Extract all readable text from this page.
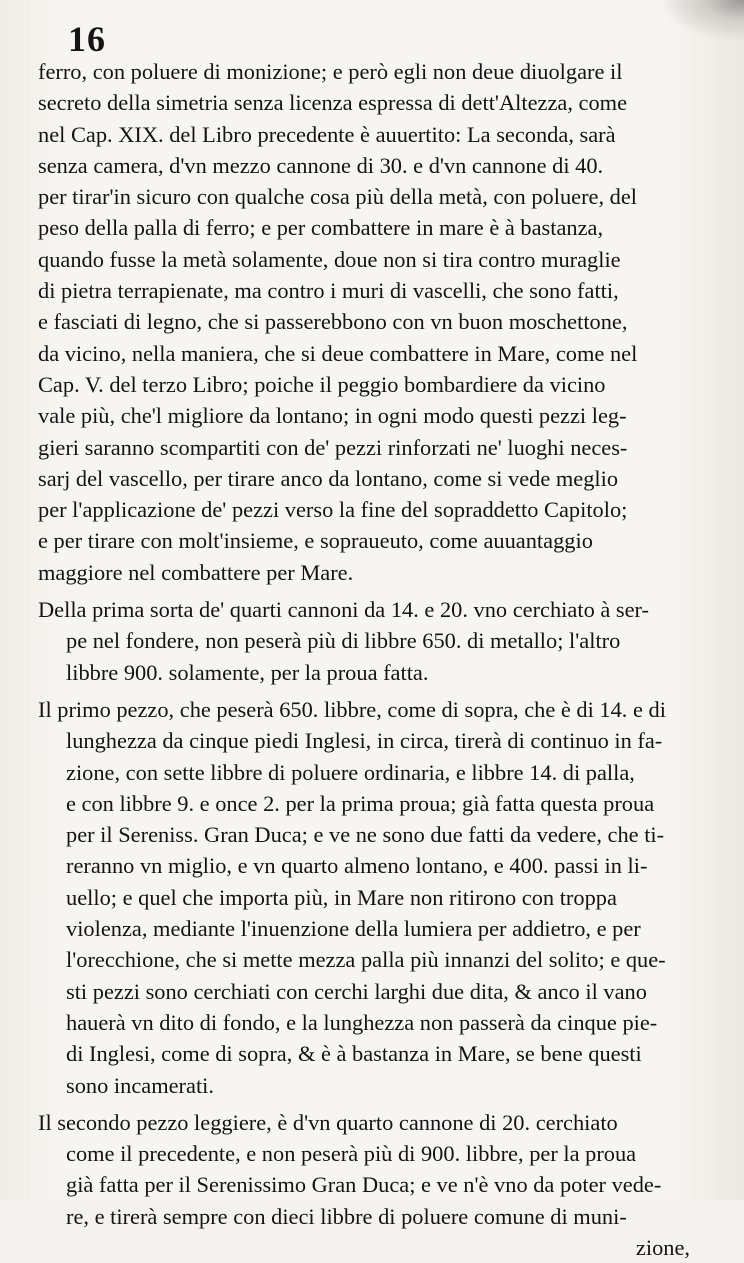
16
ferro, con poluere di monizione; e però egli non deue diuolgare il
secreto della simetria senza licenza espressa di dett'Altezza, come
nel Cap. XIX. del Libro precedente è auuertito: La seconda, sarà
senza camera, d'vn mezzo cannone di 30. e d'vn cannone di 40.
per tirar'in sicuro con qualche cosa più della metà, con poluere, del
peso della palla di ferro; e per combattere in mare è à bastanza,
quando fusse la metà solamente, doue non si tira contro muraglie
di pietra terrapienate, ma contro i muri di vascelli, che sono fatti,
e fasciati di legno, che si passerebbono con vn buon moschettone,
da vicino, nella maniera, che si deue combattere in Mare, come nel
Cap. V. del terzo Libro; poiche il peggio bombardiere da vicino
vale più, che'l migliore da lontano; in ogni modo questi pezzi leg-
gieri saranno scompartiti con de' pezzi rinforzati ne' luoghi neces-
sarj del vascello, per tirare anco da lontano, come si vede meglio
per l'applicazione de' pezzi verso la fine del sopraddetto Capitolo;
e per tirare con molt'insieme, e sopraueuto, come auuantaggio
maggiore nel combattere per Mare.
Della prima sorta de' quarti cannoni da 14. e 20. vno cerchiato à ser-
pe nel fondere, non peserà più di libbre 650. di metallo; l'altro
libbre 900. solamente, per la proua fatta.
Il primo pezzo, che peserà 650. libbre, come di sopra, che è di 14. e di
lunghezza da cinque piedi Inglesi, in circa, tirerà di continuo in fa-
zione, con sette libbre di poluere ordinaria, e libbre 14. di palla,
e con libbre 9. e once 2. per la prima proua; già fatta questa proua
per il Sereniss. Gran Duca; e ve ne sono due fatti da vedere, che ti-
reranno vn miglio, e vn quarto almeno lontano, e 400. passi in li-
uello; e quel che importa più, in Mare non ritirono con troppa
violenza, mediante l'inuenzione della lumiera per addietro, e per
l'orecchione, che si mette mezza palla più innanzi del solito; e que-
sti pezzi sono cerchiati con cerchi larghi due dita, & anco il vano
hauerà vn dito di fondo, e la lunghezza non passerà da cinque pie-
di Inglesi, come di sopra, & è à bastanza in Mare, se bene questi
sono incamerati.
Il secondo pezzo leggiere, è d'vn quarto cannone di 20. cerchiato
come il precedente, e non peserà più di 900. libbre, per la proua
già fatta per il Serenissimo Gran Duca; e ve n'è vno da poter vede-
re, e tirerà sempre con dieci libbre di poluere comune di muni-
zione,
